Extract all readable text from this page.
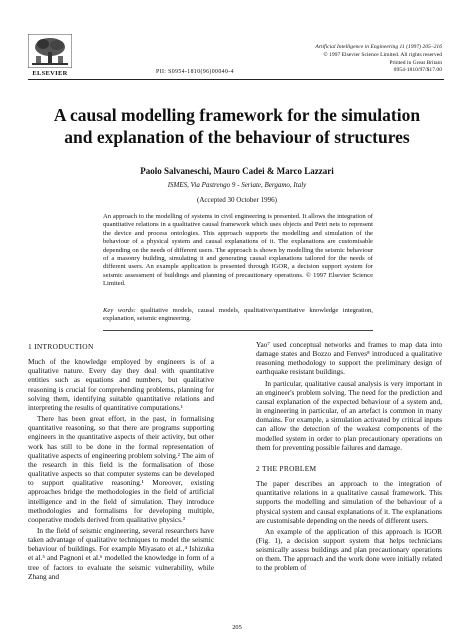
ELSEVIER	PII: S0954-1810(96)00040-4
Artificial Intelligence in Engineering 11 (1997) 205–216
© 1997 Elsevier Science Limited. All rights reserved
Printed in Great Britain
0954-1810/97/$17.00
A causal modelling framework for the simulation
and explanation of the behaviour of structures
Paolo Salvaneschi, Mauro Cadei & Marco Lazzari
ISMES, Via Pastrengo 9 - Seriate, Bergamo, Italy
(Accepted 30 October 1996)
An approach to the modelling of systems in civil engineering is presented. It allows the integration of quantitative relations in a qualitative causal framework which uses objects and Petri nets to represent the device and process ontologies. This approach supports the modelling and simulation of the behaviour of a physical system and causal explanations of it. The explanations are customisable depending on the needs of different users. The approach is shown by modelling the seismic behaviour of a masonry building, simulating it and generating causal explanations tailored for the needs of different users. An example application is presented through IGOR, a decision support system for seismic assessment of buildings and planning of precautionary operations. © 1997 Elsevier Science Limited.
Key words: qualitative models, causal models, qualitative/quantitative knowledge integration, explanation, seismic engineering.
1 INTRODUCTION

Much of the knowledge employed by engineers is of a qualitative nature. Every day they deal with quantitative entities such as equations and numbers, but qualitative reasoning is crucial for comprehending problems, planning for solving them, identifying suitable quantitative relations and interpreting the results of quantitative computations.¹

There has been great effort, in the past, in formalising quantitative reasoning, so that there are programs supporting engineers in the quantitative aspects of their activity, but other work has still to be done in the formal representation of qualitative aspects of engineering problem solving.² The aim of the research in this field is the formalisation of those qualitative aspects so that computer systems can be developed to support qualitative reasoning.¹ Moreover, existing approaches bridge the methodologies in the field of artificial intelligence and in the field of simulation. They introduce methodologies and formalisms for developing multiple, cooperative models derived from qualitative physics.³

In the field of seismic engineering, several researchers have taken advantage of qualitative techniques to model the seismic behaviour of buildings. For example Miyasato et al.,⁴ Ishizuka et al.⁵ and Pagnoni et al.⁶ modelled the knowledge in form of a tree of factors to evaluate the seismic vulnerability, while Zhang and

Yao⁷ used conceptual networks and frames to map data into damage states and Bozzo and Fenves⁸ introduced a qualitative reasoning methodology to support the preliminary design of earthquake resistant buildings.

In particular, qualitative causal analysis is very important in an engineer's problem solving. The need for the prediction and causal explanation of the expected behaviour of a system and, in engineering in particular, of an artefact is common in many domains. For example, a simulation activated by critical inputs can allow the detection of the weakest components of the modelled system in order to plan precautionary operations on them for preventing possible failures and damage.

2 THE PROBLEM

The paper describes an approach to the integration of quantitative relations in a qualitative causal framework. This supports the modelling and simulation of the behaviour of a physical system and causal explanations of it. The explanations are customisable depending on the needs of different users.

An example of the application of this approach is IGOR (Fig. 1), a decision support system that helps technicians seismically assess buildings and plan precautionary operations on them. The approach and the work done were initially related to the problem of

205
